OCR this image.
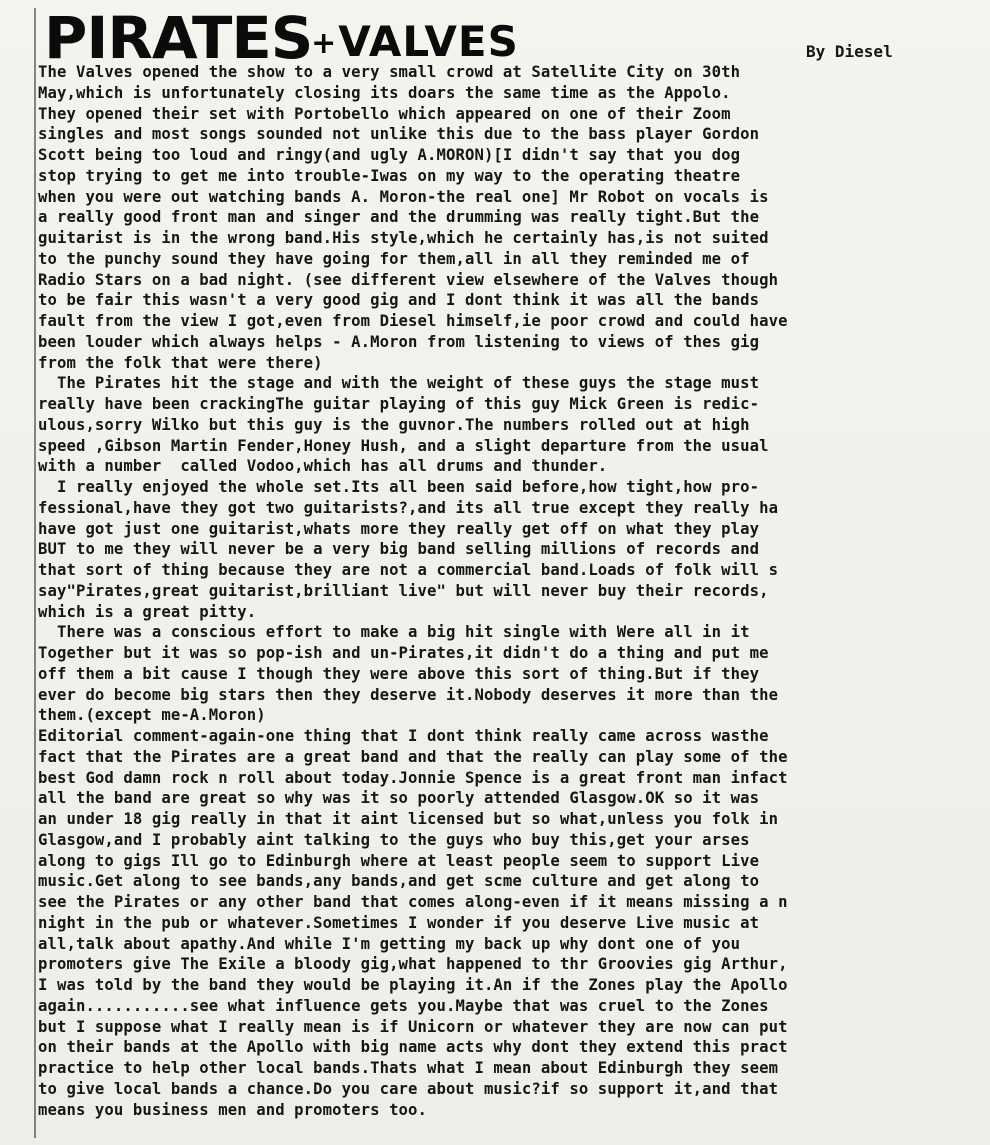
PIRATES
+ VALVES	By Diesel
The Valves opened the show to a very small crowd at Satellite City on 30th
May,which is unfortunately closing its doars the same time as the Appolo.
They opened their set with Portobello which appeared on one of their Zoom
singles and most songs sounded not unlike this due to the bass player Gordon
Scott being too loud and ringy(and ugly A.MORON)[I didn't say that you dog
stop trying to get me into trouble-Iwas on my way to the operating theatre
when you were out watching bands A. Moron-the real one] Mr Robot on vocals is
a really good front man and singer and the drumming was really tight.But the
guitarist is in the wrong band.His style,which he certainly has,is not suited
to the punchy sound they have going for them,all in all they reminded me of
Radio Stars on a bad night. (see different view elsewhere of the Valves though
to be fair this wasn't a very good gig and I dont think it was all the bands
fault from the view I got,even from Diesel himself,ie poor crowd and could have
been louder which always helps - A.Moron from listening to views of thes gig
from the folk that were there)
The Pirates hit the stage and with the weight of these guys the stage must
really have been crackingThe guitar playing of this guy Mick Green is redic-
ulous,sorry Wilko but this guy is the guvnor.The numbers rolled out at high
speed ,Gibson Martin Fender,Honey Hush, and a slight departure from the usual
with a number  called Vodoo,which has all drums and thunder.
I really enjoyed the whole set.Its all been said before,how tight,how pro-
fessional,have they got two guitarists?,and its all true except they really ha
have got just one guitarist,whats more they really get off on what they play
BUT to me they will never be a very big band selling millions of records and
that sort of thing because they are not a commercial band.Loads of folk will s
say"Pirates,great guitarist,brilliant live" but will never buy their records,
which is a great pitty.
There was a conscious effort to make a big hit single with Were all in it
Together but it was so pop-ish and un-Pirates,it didn't do a thing and put me
off them a bit cause I though they were above this sort of thing.But if they
ever do become big stars then they deserve it.Nobody deserves it more than the
them.(except me-A.Moron)
Editorial comment-again-one thing that I dont think really came across wasthe
fact that the Pirates are a great band and that the really can play some of the
best God damn rock n roll about today.Jonnie Spence is a great front man infact
all the band are great so why was it so poorly attended Glasgow.OK so it was
an under 18 gig really in that it aint licensed but so what,unless you folk in
Glasgow,and I probably aint talking to the guys who buy this,get your arses
along to gigs Ill go to Edinburgh where at least people seem to support Live
music.Get along to see bands,any bands,and get scme culture and get along to
see the Pirates or any other band that comes along-even if it means missing a n
night in the pub or whatever.Sometimes I wonder if you deserve Live music at
all,talk about apathy.And while I'm getting my back up why dont one of you
promoters give The Exile a bloody gig,what happened to thr Groovies gig Arthur,
I was told by the band they would be playing it.An if the Zones play the Apollo
again...........see what influence gets you.Maybe that was cruel to the Zones
but I suppose what I really mean is if Unicorn or whatever they are now can put
on their bands at the Apollo with big name acts why dont they extend this pract
practice to help other local bands.Thats what I mean about Edinburgh they seem
to give local bands a chance.Do you care about music?if so support it,and that
means you business men and promoters too.
